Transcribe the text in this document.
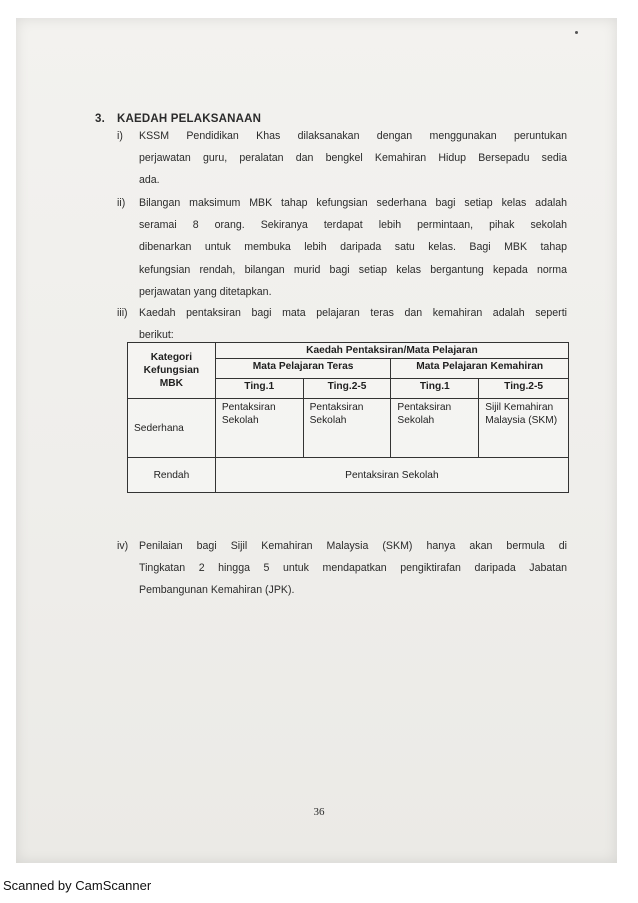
3. KAEDAH PELAKSANAAN
i)	KSSM Pendidikan Khas dilaksanakan dengan menggunakan peruntukan
perjawatan guru, peralatan dan bengkel Kemahiran Hidup Bersepadu sedia
ada.
ii)	Bilangan maksimum MBK tahap kefungsian sederhana bagi setiap kelas adalah
seramai 8 orang. Sekiranya terdapat lebih permintaan, pihak sekolah
dibenarkan untuk membuka lebih daripada satu kelas. Bagi MBK tahap
kefungsian rendah, bilangan murid bagi setiap kelas bergantung kepada norma
perjawatan yang ditetapkan.
iii)	Kaedah pentaksiran bagi mata pelajaran teras dan kemahiran adalah seperti
berikut:
Kategori Kefungsian MBK	Kaedah Pentaksiran/Mata Pelajaran			
	Mata Pelajaran Teras		Mata Pelajaran Kemahiran	
	Ting.1	Ting.2-5	Ting.1	Ting.2-5
Sederhana	Pentaksiran Sekolah	Pentaksiran Sekolah	Pentaksiran Sekolah	Sijil Kemahiran Malaysia (SKM)
Rendah	Pentaksiran Sekolah			
iv)	Penilaian bagi Sijil Kemahiran Malaysia (SKM) hanya akan bermula di
Tingkatan 2 hingga 5 untuk mendapatkan pengiktirafan daripada Jabatan
Pembangunan Kemahiran (JPK).
36
Scanned by CamScanner
